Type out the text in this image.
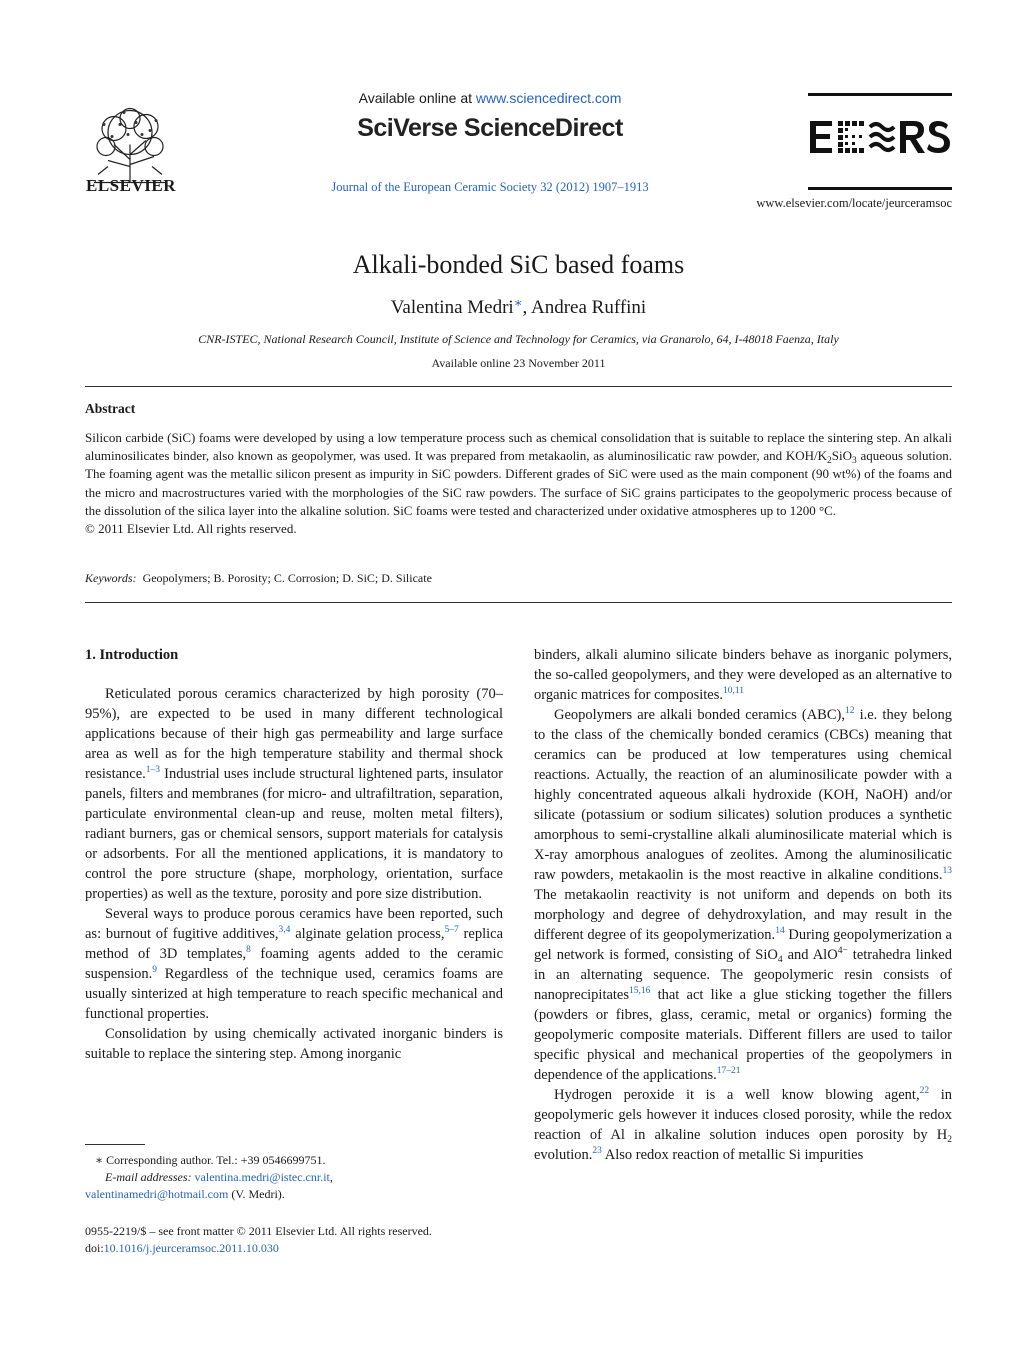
ELSEVIER
Available online at www.sciencedirect.com
SciVerse ScienceDirect
Journal of the European Ceramic Society 32 (2012) 1907–1913
www.elsevier.com/locate/jeurceramsoc
Alkali-bonded SiC based foams
Valentina Medri∗, Andrea Ruffini
CNR-ISTEC, National Research Council, Institute of Science and Technology for Ceramics, via Granarolo, 64, I-48018 Faenza, Italy
Available online 23 November 2011
Abstract

Silicon carbide (SiC) foams were developed by using a low temperature process such as chemical consolidation that is suitable to replace the sintering step. An alkali aluminosilicates binder, also known as geopolymer, was used. It was prepared from metakaolin, as aluminosilicatic raw powder, and KOH/$K_2SiO_3$ aqueous solution. The foaming agent was the metallic silicon present as impurity in SiC powders. Different grades of SiC were used as the main component (90 wt%) of the foams and the micro and macrostructures varied with the morphologies of the SiC raw powders. The surface of SiC grains participates to the geopolymeric process because of the dissolution of the silica layer into the alkaline solution. SiC foams were tested and characterized under oxidative atmospheres up to 1200 °C.

© 2011 Elsevier Ltd. All rights reserved.

Keywords: Geopolymers; B. Porosity; C. Corrosion; D. SiC; D. Silicate
1. Introduction

Reticulated porous ceramics characterized by high porosity (70–95%), are expected to be used in many different technological applications because of their high gas permeability and large surface area as well as for the high temperature stability and thermal shock resistance.$^{1-3}$ Industrial uses include structural lightened parts, insulator panels, filters and membranes (for micro- and ultrafiltration, separation, particulate environmental clean-up and reuse, molten metal filters), radiant burners, gas or chemical sensors, support materials for catalysis or adsorbents. For all the mentioned applications, it is mandatory to control the pore structure (shape, morphology, orientation, surface properties) as well as the texture, porosity and pore size distribution.

Several ways to produce porous ceramics have been reported, such as: burnout of fugitive additives,$^{3,4}$ alginate gelation process,$^{5-7}$ replica method of 3D templates,$^8$ foaming agents added to the ceramic suspension.$^9$ Regardless of the technique used, ceramics foams are usually sinterized at high temperature to reach specific mechanical and functional properties.

Consolidation by using chemically activated inorganic binders is suitable to replace the sintering step. Among inorganic

binders, alkali alumino silicate binders behave as inorganic polymers, the so-called geopolymers, and they were developed as an alternative to organic matrices for composites.$^{10,11}$

Geopolymers are alkali bonded ceramics (ABC),$^{12}$ i.e. they belong to the class of the chemically bonded ceramics (CBCs) meaning that ceramics can be produced at low temperatures using chemical reactions. Actually, the reaction of an aluminosilicate powder with a highly concentrated aqueous alkali hydroxide (KOH, NaOH) and/or silicate (potassium or sodium silicates) solution produces a synthetic amorphous to semi-crystalline alkali aluminosilicate material which is X-ray amorphous analogues of zeolites. Among the aluminosilicatic raw powders, metakaolin is the most reactive in alkaline conditions.$^{13}$ The metakaolin reactivity is not uniform and depends on both its morphology and degree of dehydroxylation, and may result in the different degree of its geopolymerization.$^{14}$ During geopolymerization a gel network is formed, consisting of SiO$_4$ and AlO$^{4-}$ tetrahedra linked in an alternating sequence. The geopolymeric resin consists of nanoprecipitates$^{15,16}$ that act like a glue sticking together the fillers (powders or fibres, glass, ceramic, metal or organics) forming the geopolymeric composite materials. Different fillers are used to tailor specific physical and mechanical properties of the geopolymers in dependence of the applications.$^{17-21}$

Hydrogen peroxide it is a well know blowing agent,$^{22}$ in geopolymeric gels however it induces closed porosity, while the redox reaction of Al in alkaline solution induces open porosity by $H_2$ evolution.$^{23}$ Also redox reaction of metallic Si impurities

∗ Corresponding author. Tel.: +39 0546699751.
E-mail addresses: valentina.medri@istec.cnr.it,
valentinamedri@hotmail.com (V. Medri).
0955-2219/$ – see front matter © 2011 Elsevier Ltd. All rights reserved.
doi:10.1016/j.jeurceramsoc.2011.10.030
